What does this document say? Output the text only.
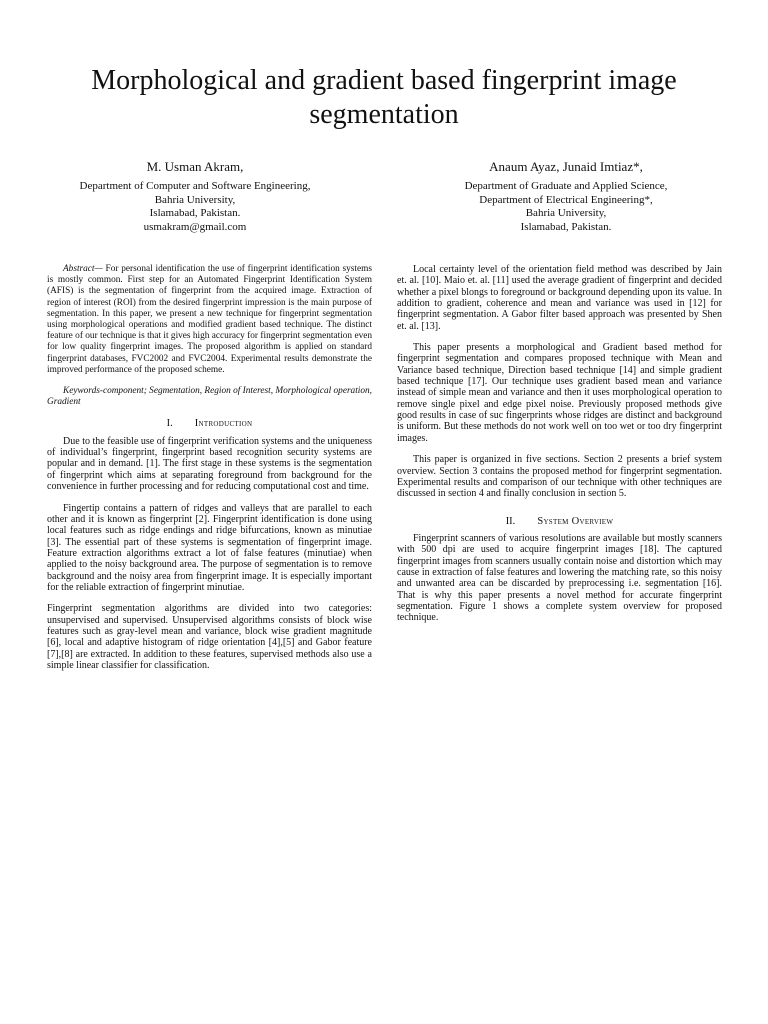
Morphological and gradient based fingerprint image segmentation
M. Usman Akram,
Department of Computer and Software Engineering,
Bahria University,
Islamabad, Pakistan.
usmakram@gmail.com
Anaum Ayaz, Junaid Imtiaz*,
Department of Graduate and Applied Science,
Department of Electrical Engineering*,
Bahria University,
Islamabad, Pakistan.

Abstract— For personal identification the use of fingerprint identification systems is mostly common. First step for an Automated Fingerprint Identification System (AFIS) is the segmentation of fingerprint from the acquired image. Extraction of region of interest (ROI) from the desired fingerprint impression is the main purpose of segmentation. In this paper, we present a new technique for fingerprint segmentation using morphological operations and modified gradient based technique. The distinct feature of our technique is that it gives high accuracy for fingerprint segmentation even for low quality fingerprint images. The proposed algorithm is applied on standard fingerprint databases, FVC2002 and FVC2004. Experimental results demonstrate the improved performance of the proposed scheme.

Keywords-component; Segmentation, Region of Interest, Morphological operation, Gradient

I. Introduction

Due to the feasible use of fingerprint verification systems and the uniqueness of individual’s fingerprint, fingerprint based recognition security systems are popular and in demand. [1]. The first stage in these systems is the segmentation of fingerprint which aims at separating foreground from background for the convenience in further processing and for reducing computational cost and time.

Fingertip contains a pattern of ridges and valleys that are parallel to each other and it is known as fingerprint [2]. Fingerprint identification is done using local features such as ridge endings and ridge bifurcations, known as minutiae [3]. The essential part of these systems is segmentation of fingerprint image. Feature extraction algorithms extract a lot of false features (minutiae) when applied to the noisy background area. The purpose of segmentation is to remove background and the noisy area from fingerprint image. It is especially important for the reliable extraction of fingerprint minutiae.

Fingerprint segmentation algorithms are divided into two categories: unsupervised and supervised. Unsupervised algorithms consists of block wise features such as gray-level mean and variance, block wise gradient magnitude [6], local and adaptive histogram of ridge orientation [4],[5] and Gabor feature [7],[8] are extracted. In addition to these features, supervised methods also use a simple linear classifier for classification.

Local certainty level of the orientation field method was described by Jain et. al. [10]. Maio et. al. [11] used the average gradient of fingerprint and decided whether a pixel blongs to foreground or background depending upon its value. In addition to gradient, coherence and mean and variance was used in [12] for fingerprint segmentation. A Gabor filter based approach was presented by Shen et. al. [13].

This paper presents a morphological and Gradient based method for fingerprint segmentation and compares proposed technique with Mean and Variance based technique, Direction based technique [14] and simple gradient based technique [17]. Our technique uses gradient based mean and variance instead of simple mean and variance and then it uses morphological operation to remove single pixel and edge pixel noise. Previously proposed methods give good results in case of suc fingerprints whose ridges are distinct and background is uniform. But these methods do not work well on too wet or too dry fingerprint images.

This paper is organized in five sections. Section 2 presents a brief system overview. Section 3 contains the proposed method for fingerprint segmentation. Experimental results and comparison of our technique with other techniques are discussed in section 4 and finally conclusion in section 5.

II. System Overview

Fingerprint scanners of various resolutions are available but mostly scanners with 500 dpi are used to acquire fingerprint images [18]. The captured fingerprint images from scanners usually contain noise and distortion which may cause in extraction of false features and lowering the matching rate, so this noisy and unwanted area can be discarded by preprocessing i.e. segmentation [16]. That is why this paper presents a novel method for accurate fingerprint segmentation. Figure 1 shows a complete system overview for proposed technique.
